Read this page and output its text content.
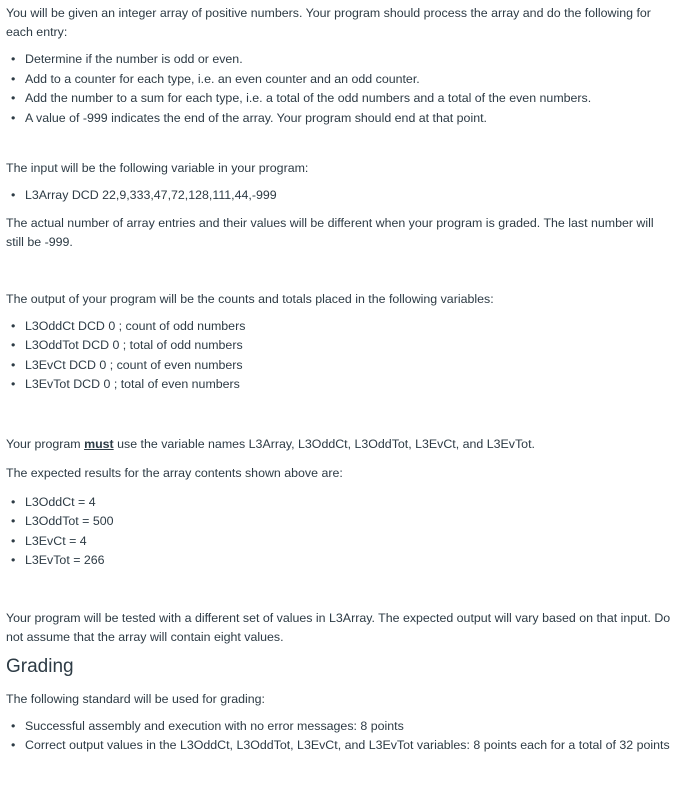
You will be given an integer array of positive numbers. Your program should process the array and do the following for each entry:

• Determine if the number is odd or even.
• Add to a counter for each type, i.e. an even counter and an odd counter.
• Add the number to a sum for each type, i.e. a total of the odd numbers and a total of the even numbers.
• A value of -999 indicates the end of the array. Your program should end at that point.

The input will be the following variable in your program:

• L3Array DCD 22,9,333,47,72,128,111,44,-999

The actual number of array entries and their values will be different when your program is graded. The last number will still be -999.

The output of your program will be the counts and totals placed in the following variables:

• L3OddCt DCD 0 ; count of odd numbers
• L3OddTot DCD 0 ; total of odd numbers
• L3EvCt DCD 0 ; count of even numbers
• L3EvTot DCD 0 ; total of even numbers

Your program must use the variable names L3Array, L3OddCt, L3OddTot, L3EvCt, and L3EvTot.

The expected results for the array contents shown above are:

• L3OddCt = 4
• L3OddTot = 500
• L3EvCt = 4
• L3EvTot = 266

Your program will be tested with a different set of values in L3Array. The expected output will vary based on that input. Do not assume that the array will contain eight values.

Grading

The following standard will be used for grading:

• Successful assembly and execution with no error messages: 8 points
• Correct output values in the L3OddCt, L3OddTot, L3EvCt, and L3EvTot variables: 8 points each for a total of 32 points
